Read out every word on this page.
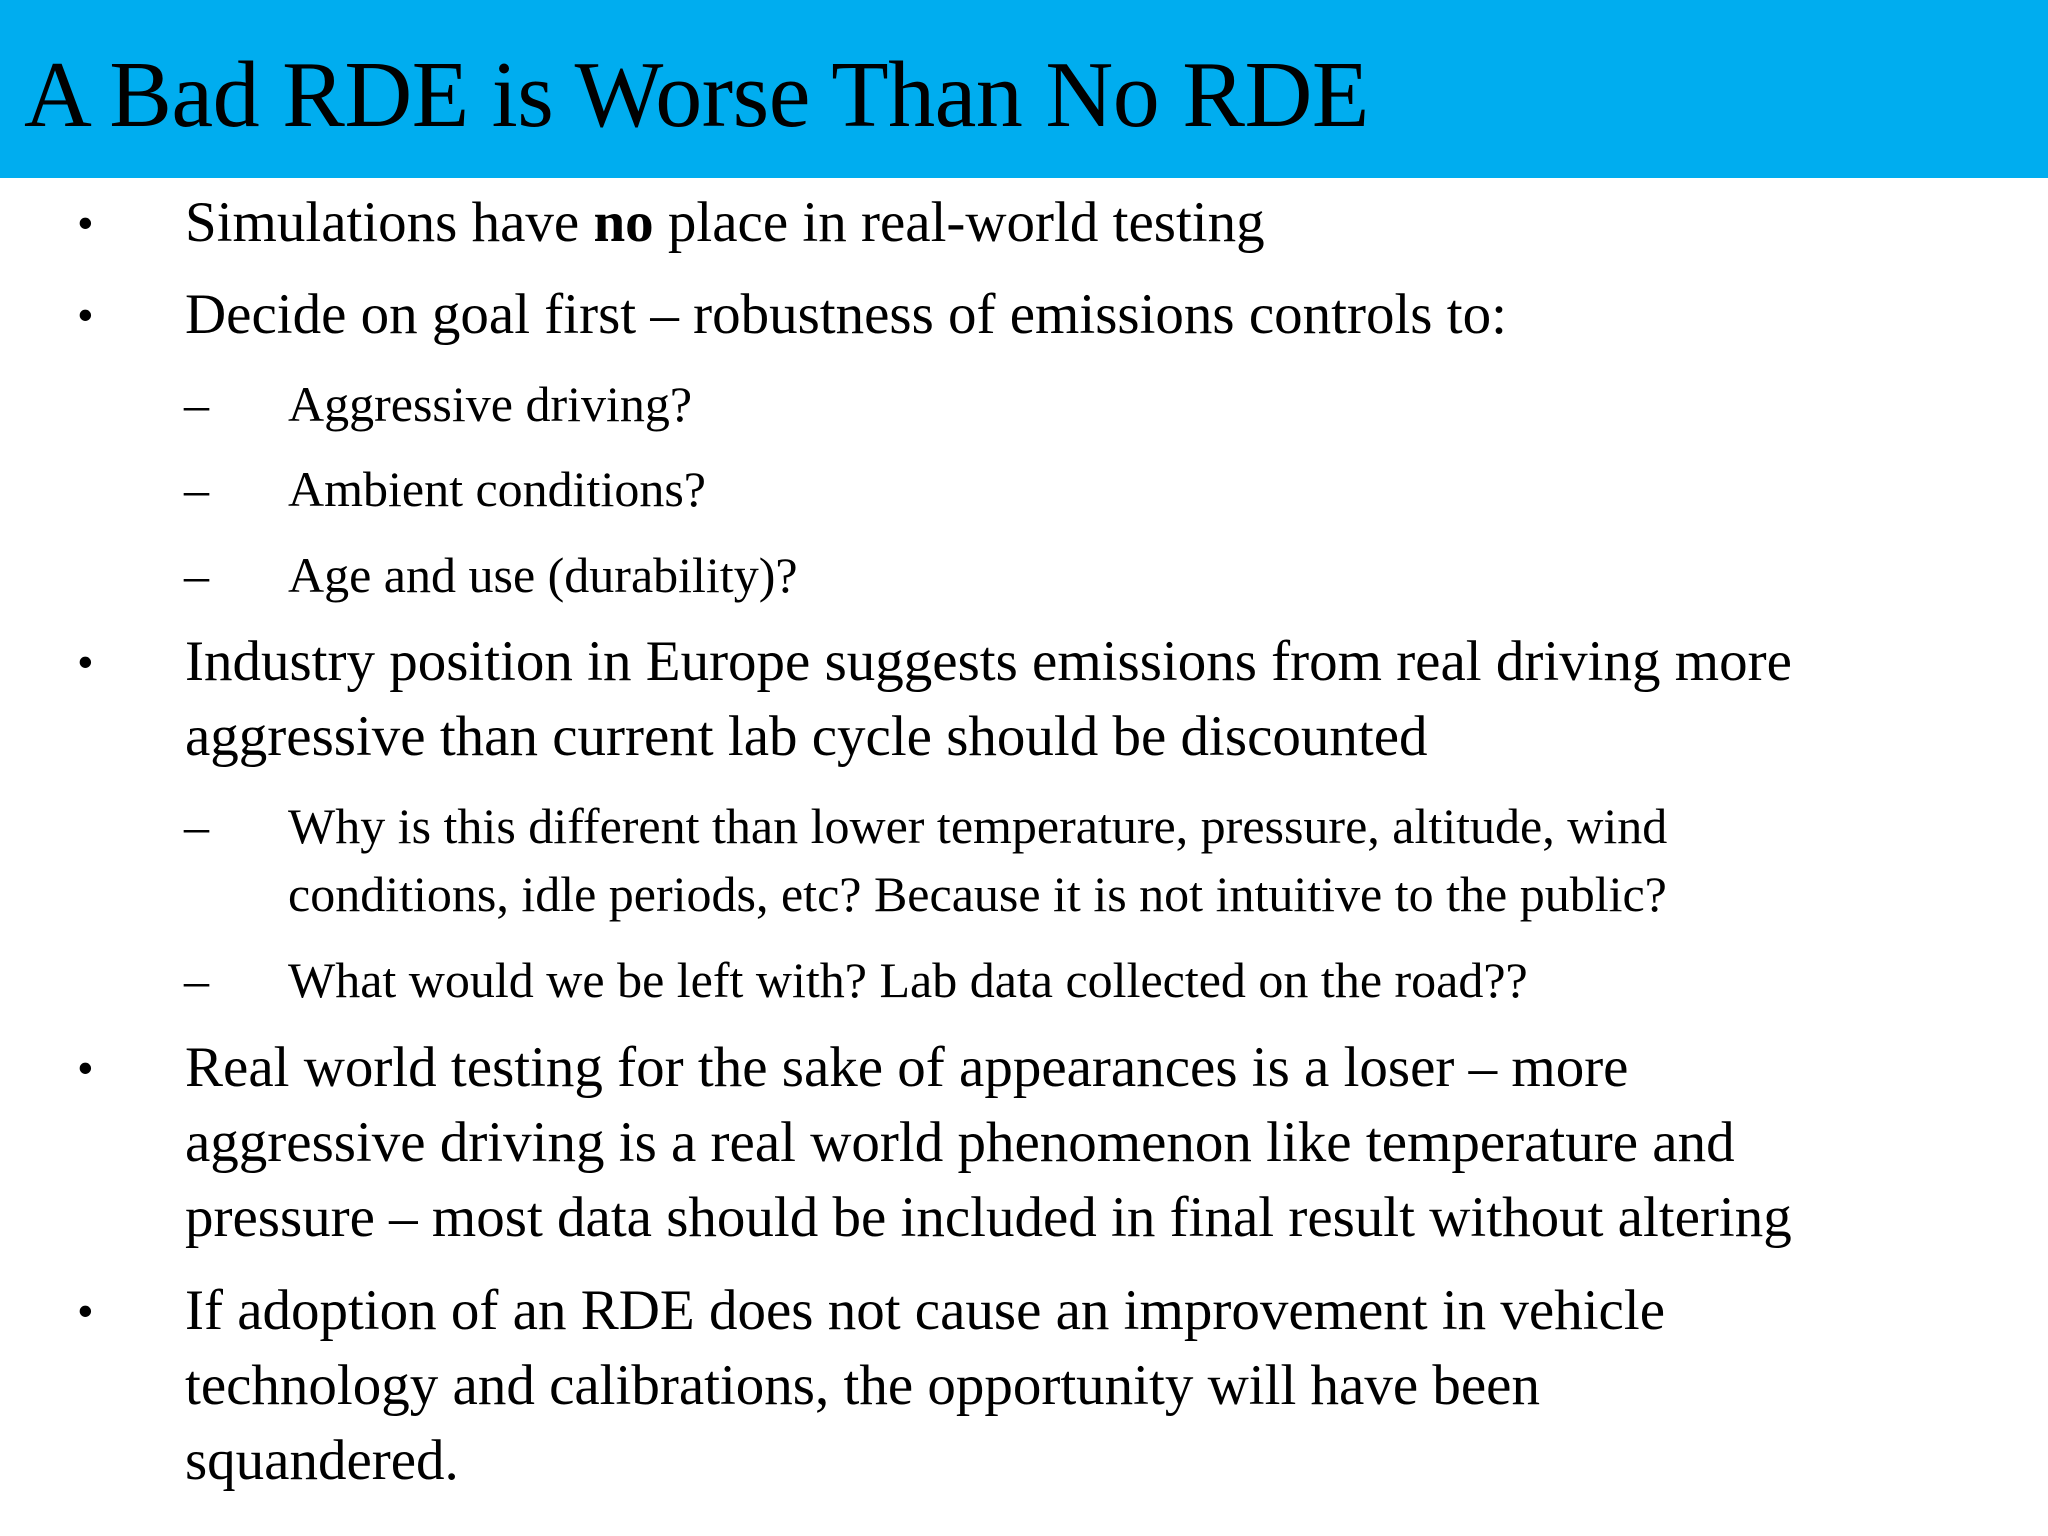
A Bad RDE is Worse Than No RDE
• Simulations have no place in real-world testing
• Decide on goal first – robustness of emissions controls to:
– Aggressive driving?
– Ambient conditions?
– Age and use (durability)?
• Industry position in Europe suggests emissions from real driving more
aggressive than current lab cycle should be discounted
– Why is this different than lower temperature, pressure, altitude, wind
conditions, idle periods, etc? Because it is not intuitive to the public?
– What would we be left with? Lab data collected on the road??
• Real world testing for the sake of appearances is a loser – more
aggressive driving is a real world phenomenon like temperature and
pressure – most data should be included in final result without altering
• If adoption of an RDE does not cause an improvement in vehicle
technology and calibrations, the opportunity will have been
squandered.
